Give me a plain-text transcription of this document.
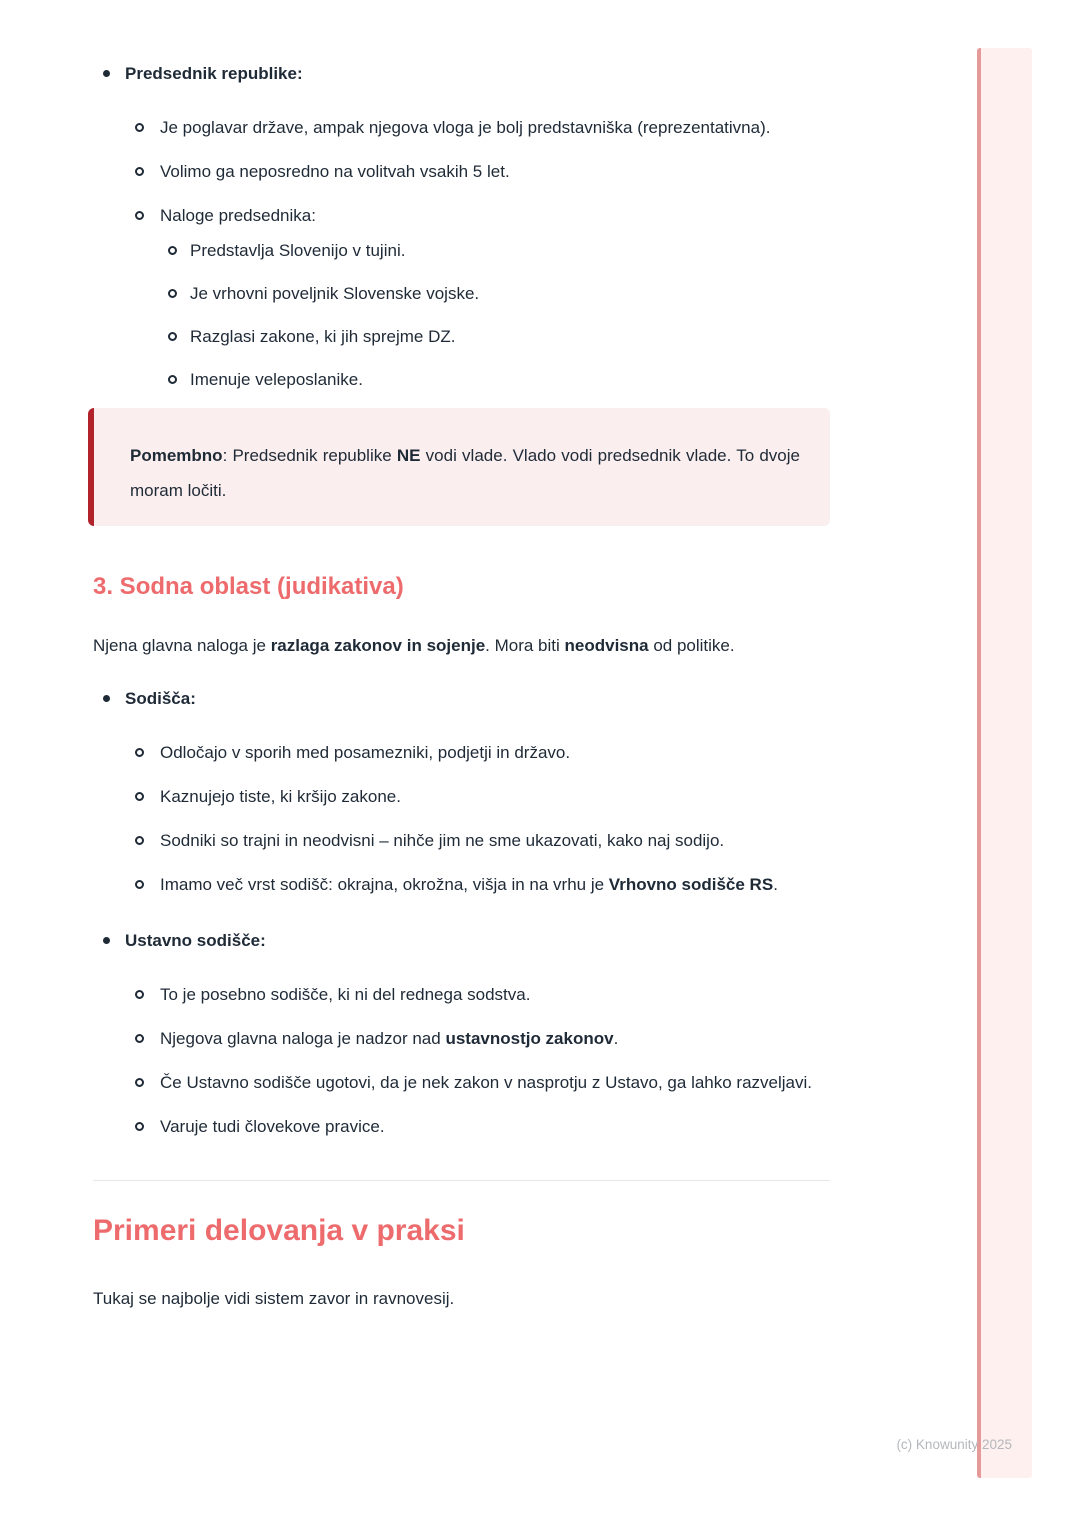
Predsednik republike:
Je poglavar države, ampak njegova vloga je bolj predstavniška (reprezentativna).
Volimo ga neposredno na volitvah vsakih 5 let.
Naloge predsednika:
Predstavlja Slovenijo v tujini.
Je vrhovni poveljnik Slovenske vojske.
Razglasi zakone, ki jih sprejme DZ.
Imenuje veleposlanike.

Pomembno: Predsednik republike NE vodi vlade. Vlado vodi predsednik vlade. To dvoje moram ločiti.

3. Sodna oblast (judikativa)

Njena glavna naloga je razlaga zakonov in sojenje. Mora biti neodvisna od politike.

Sodišča:
Odločajo v sporih med posamezniki, podjetji in državo.
Kaznujejo tiste, ki kršijo zakone.
Sodniki so trajni in neodvisni – nihče jim ne sme ukazovati, kako naj sodijo.
Imamo več vrst sodišč: okrajna, okrožna, višja in na vrhu je Vrhovno sodišče RS.
Ustavno sodišče:
To je posebno sodišče, ki ni del rednega sodstva.
Njegova glavna naloga je nadzor nad ustavnostjo zakonov.
Če Ustavno sodišče ugotovi, da je nek zakon v nasprotju z Ustavo, ga lahko razveljavi.
Varuje tudi človekove pravice.
Primeri delovanja v praksi

Tukaj se najbolje vidi sistem zavor in ravnovesij.

(c) Knowunity 2025
